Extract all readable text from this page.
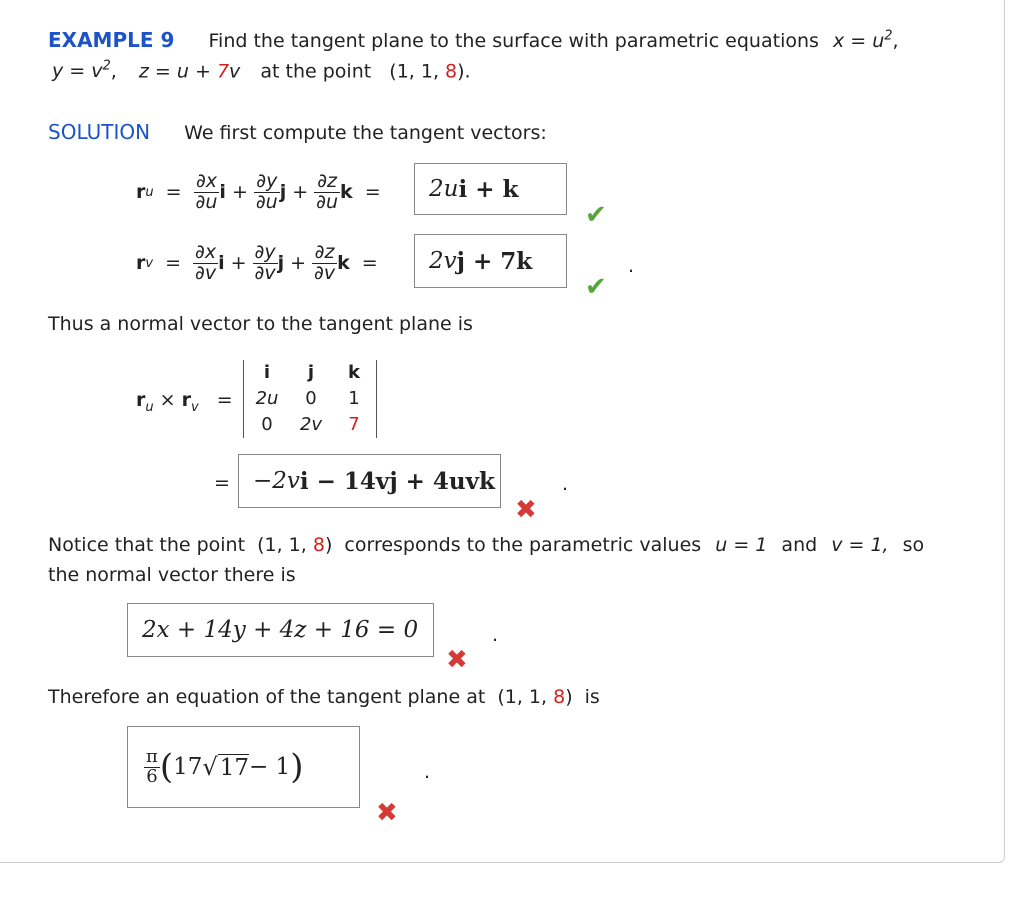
EXAMPLE 9 Find the tangent plane to the surface with parametric equations $x = u^2$,
$y = v^2$, z = u + 7v at the point (1, 1, 8).
SOLUTION We first compute the tangent vectors:
r $u = \frac{\partial x}{\partial u}$ $i + \frac{\partial y}{\partial u}$ $j + \frac{\partial z}{\partial u}$ k = 2u i + k
✔
r $v = \frac{\partial x}{\partial v}$ $i + \frac{\partial y}{\partial v}$ $j + \frac{\partial z}{\partial v}$ k = 2v j + 7 k	.
✔
Thus a normal vector to the tangent plane is
$r_u \times r_v$ =
i	j	k
2u	0	1
0	2v	7
= −2v i − 14v j + 4uv k	.
✖
Notice that the point (1, 1, 8) corresponds to the parametric values u = 1 and v = 1, so
the normal vector there is
2x + 14y + 4z + 16 = 0	.
✖
Therefore an equation of the tangent plane at (1, 1, 8) is
$\frac{\pi}{6}$ ( 17 √ 17 − 1 )	.
✖
